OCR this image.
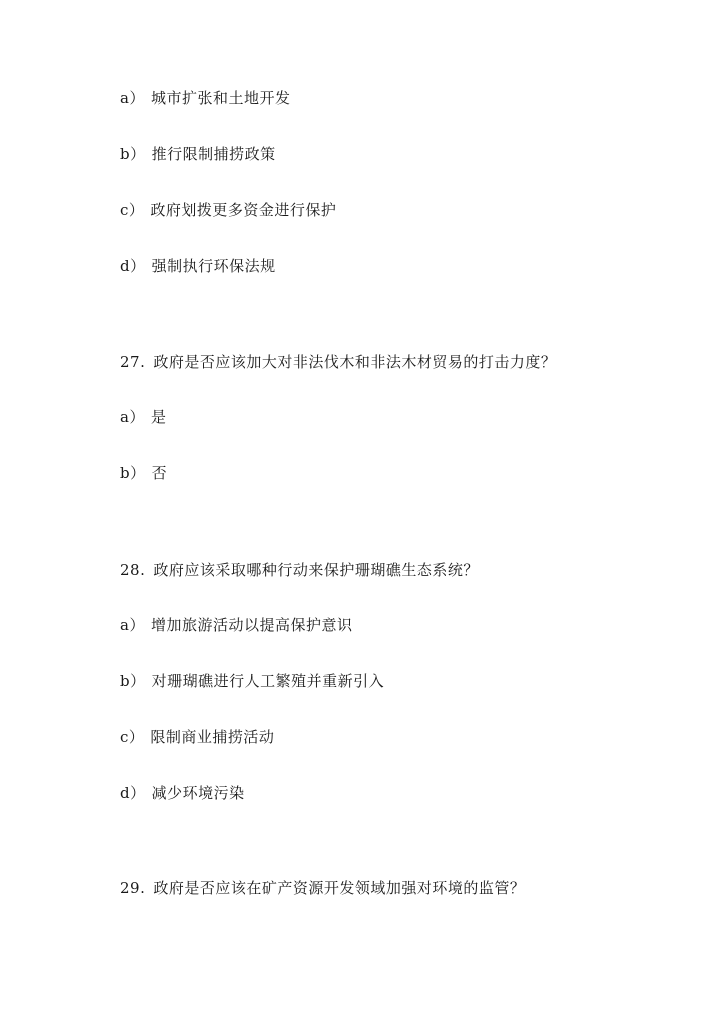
a） 城市扩张和土地开发
b） 推行限制捕捞政策
c） 政府划拨更多资金进行保护
d） 强制执行环保法规
27. 政府是否应该加大对非法伐木和非法木材贸易的打击力度？
a） 是
b） 否
28. 政府应该采取哪种行动来保护珊瑚礁生态系统？
a） 增加旅游活动以提高保护意识
b） 对珊瑚礁进行人工繁殖并重新引入
c） 限制商业捕捞活动
d） 减少环境污染
29. 政府是否应该在矿产资源开发领域加强对环境的监管？
